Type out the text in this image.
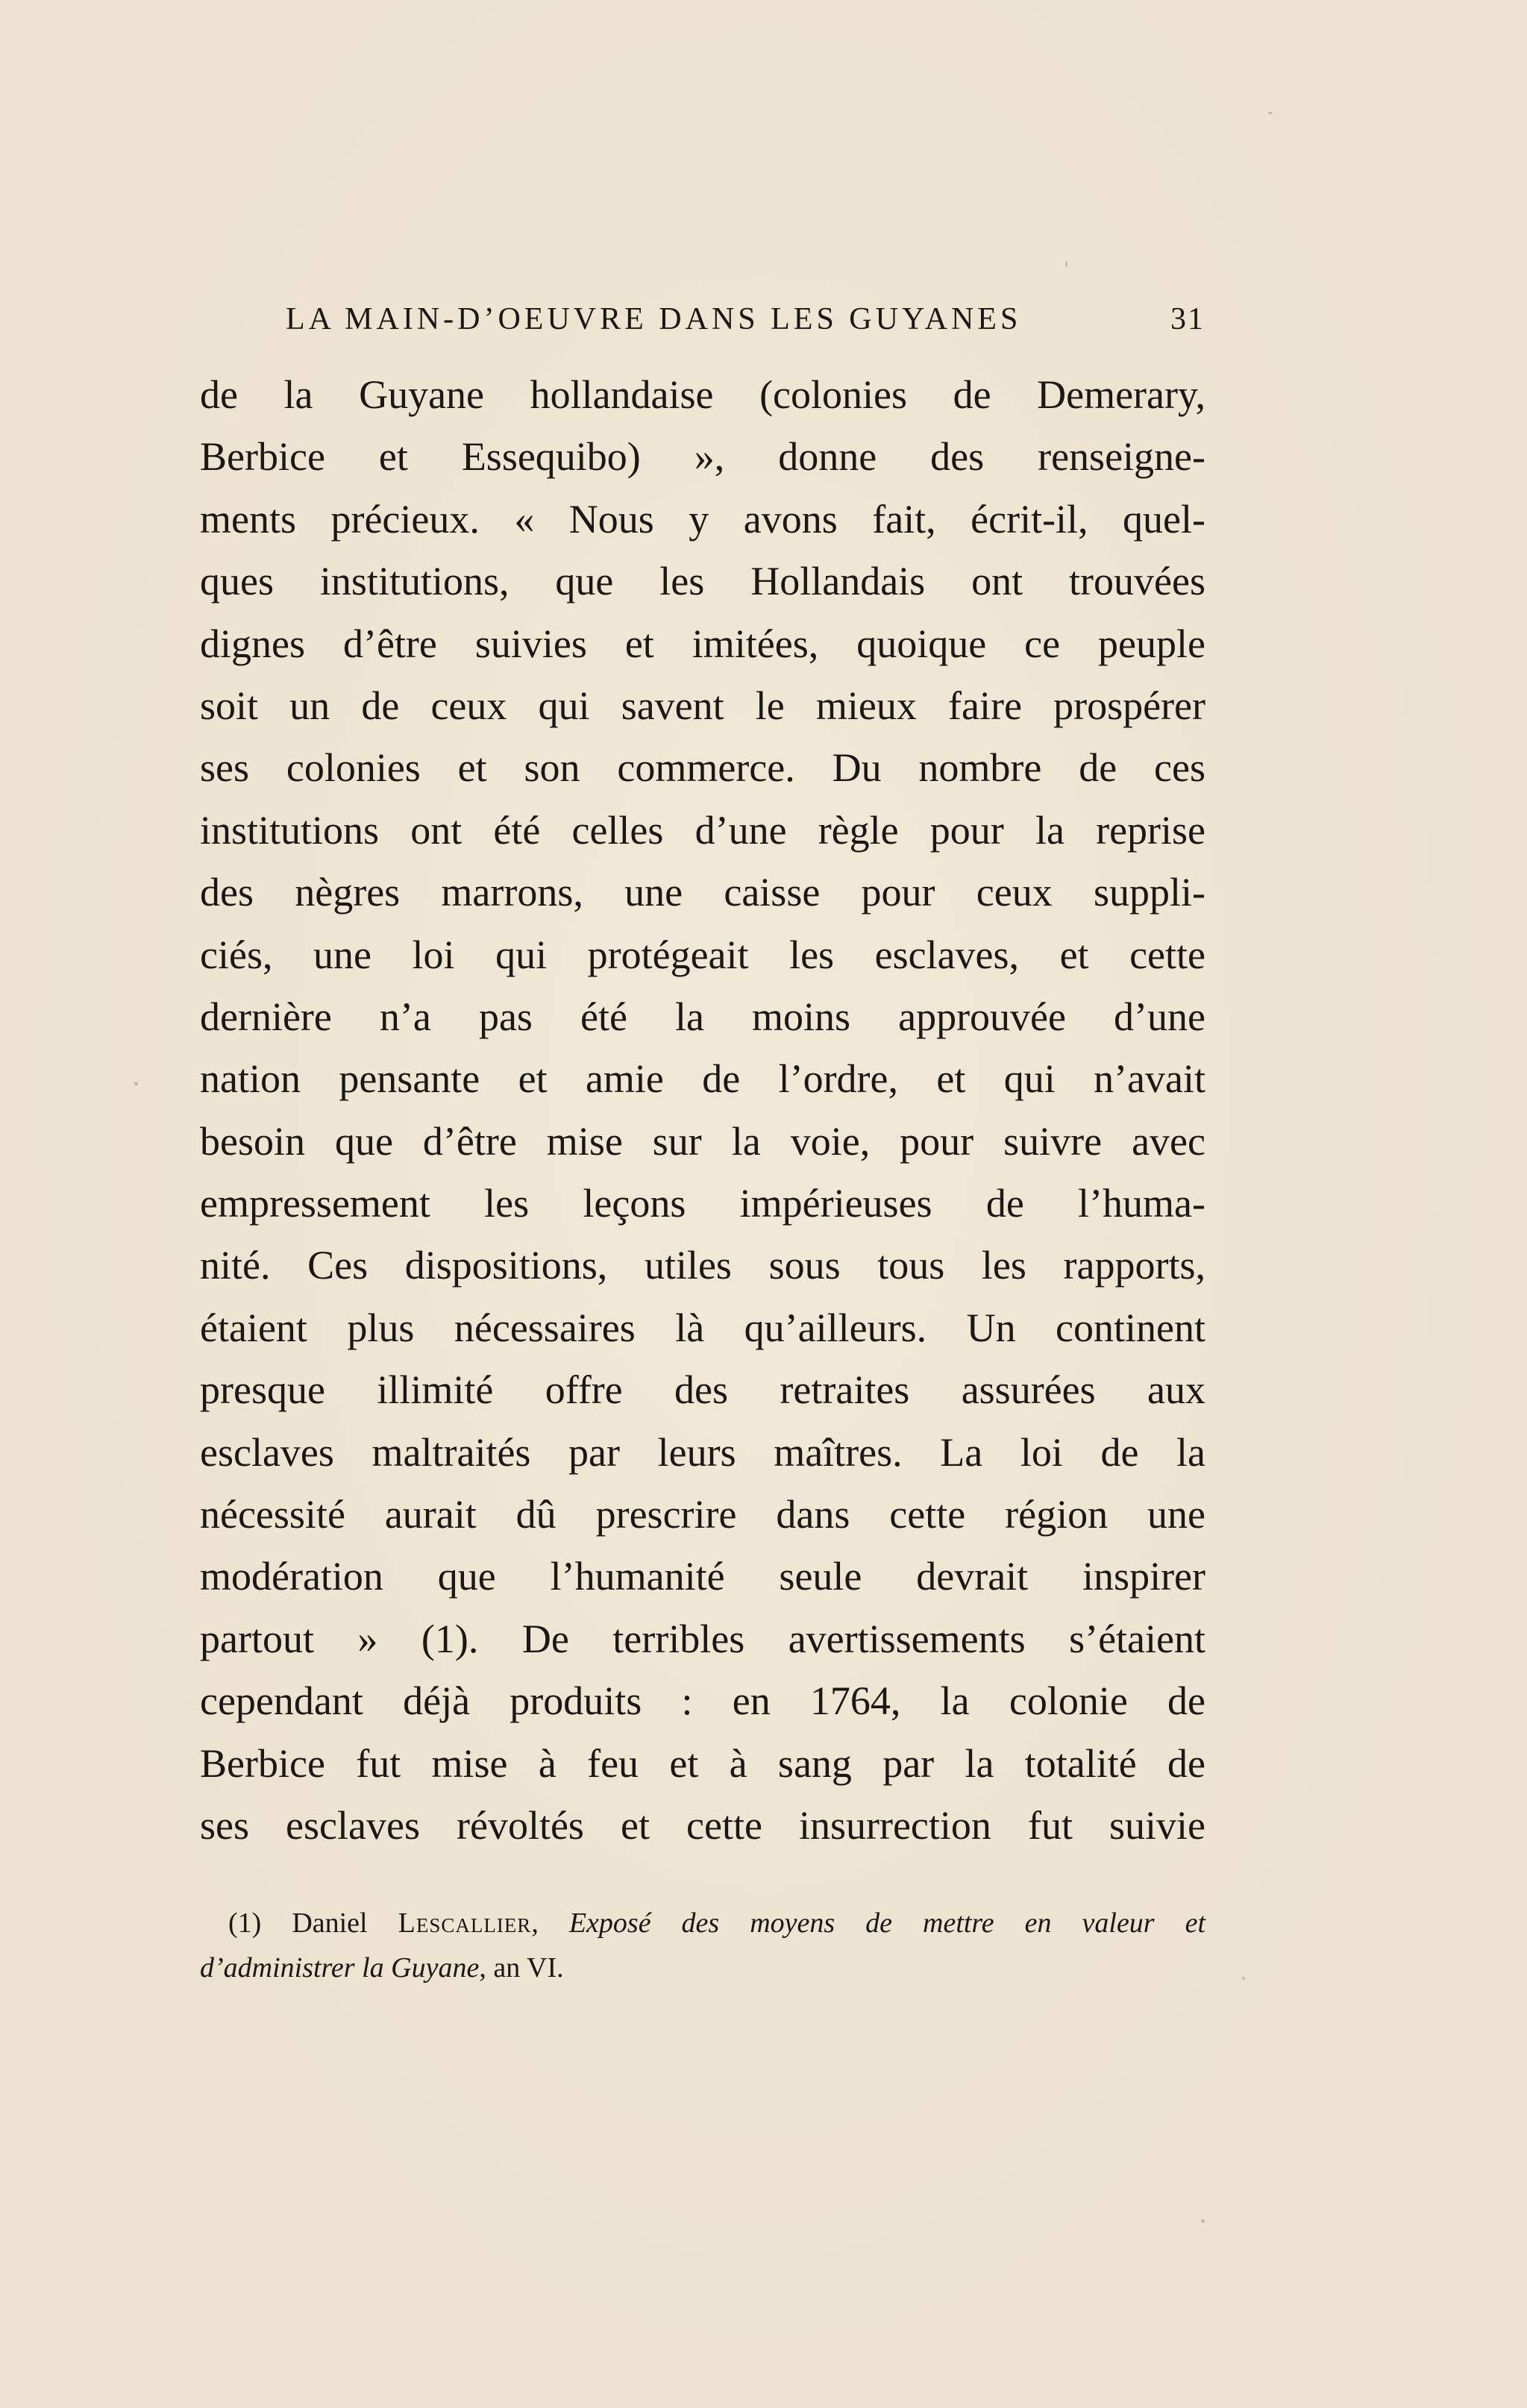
LA MAIN-D’OEUVRE DANS LES GUYANES	31
de la Guyane hollandaise (colonies de Demerary,
Berbice et Essequibo) », donne des renseigne-
ments précieux. « Nous y avons fait, écrit-il, quel-
ques institutions, que les Hollandais ont trouvées
dignes d’être suivies et imitées, quoique ce peuple
soit un de ceux qui savent le mieux faire prospérer
ses colonies et son commerce. Du nombre de ces
institutions ont été celles d’une règle pour la reprise
des nègres marrons, une caisse pour ceux suppli-
ciés, une loi qui protégeait les esclaves, et cette
dernière n’a pas été la moins approuvée d’une
nation pensante et amie de l’ordre, et qui n’avait
besoin que d’être mise sur la voie, pour suivre avec
empressement les leçons impérieuses de l’huma-
nité. Ces dispositions, utiles sous tous les rapports,
étaient plus nécessaires là qu’ailleurs. Un continent
presque illimité offre des retraites assurées aux
esclaves maltraités par leurs maîtres. La loi de la
nécessité aurait dû prescrire dans cette région une
modération que l’humanité seule devrait inspirer
partout » (1). De terribles avertissements s’étaient
cependant déjà produits : en 1764, la colonie de
Berbice fut mise à feu et à sang par la totalité de
ses esclaves révoltés et cette insurrection fut suivie
(1) Daniel Lescallier, Exposé des moyens de mettre en valeur et
d’administrer la Guyane, an VI.
